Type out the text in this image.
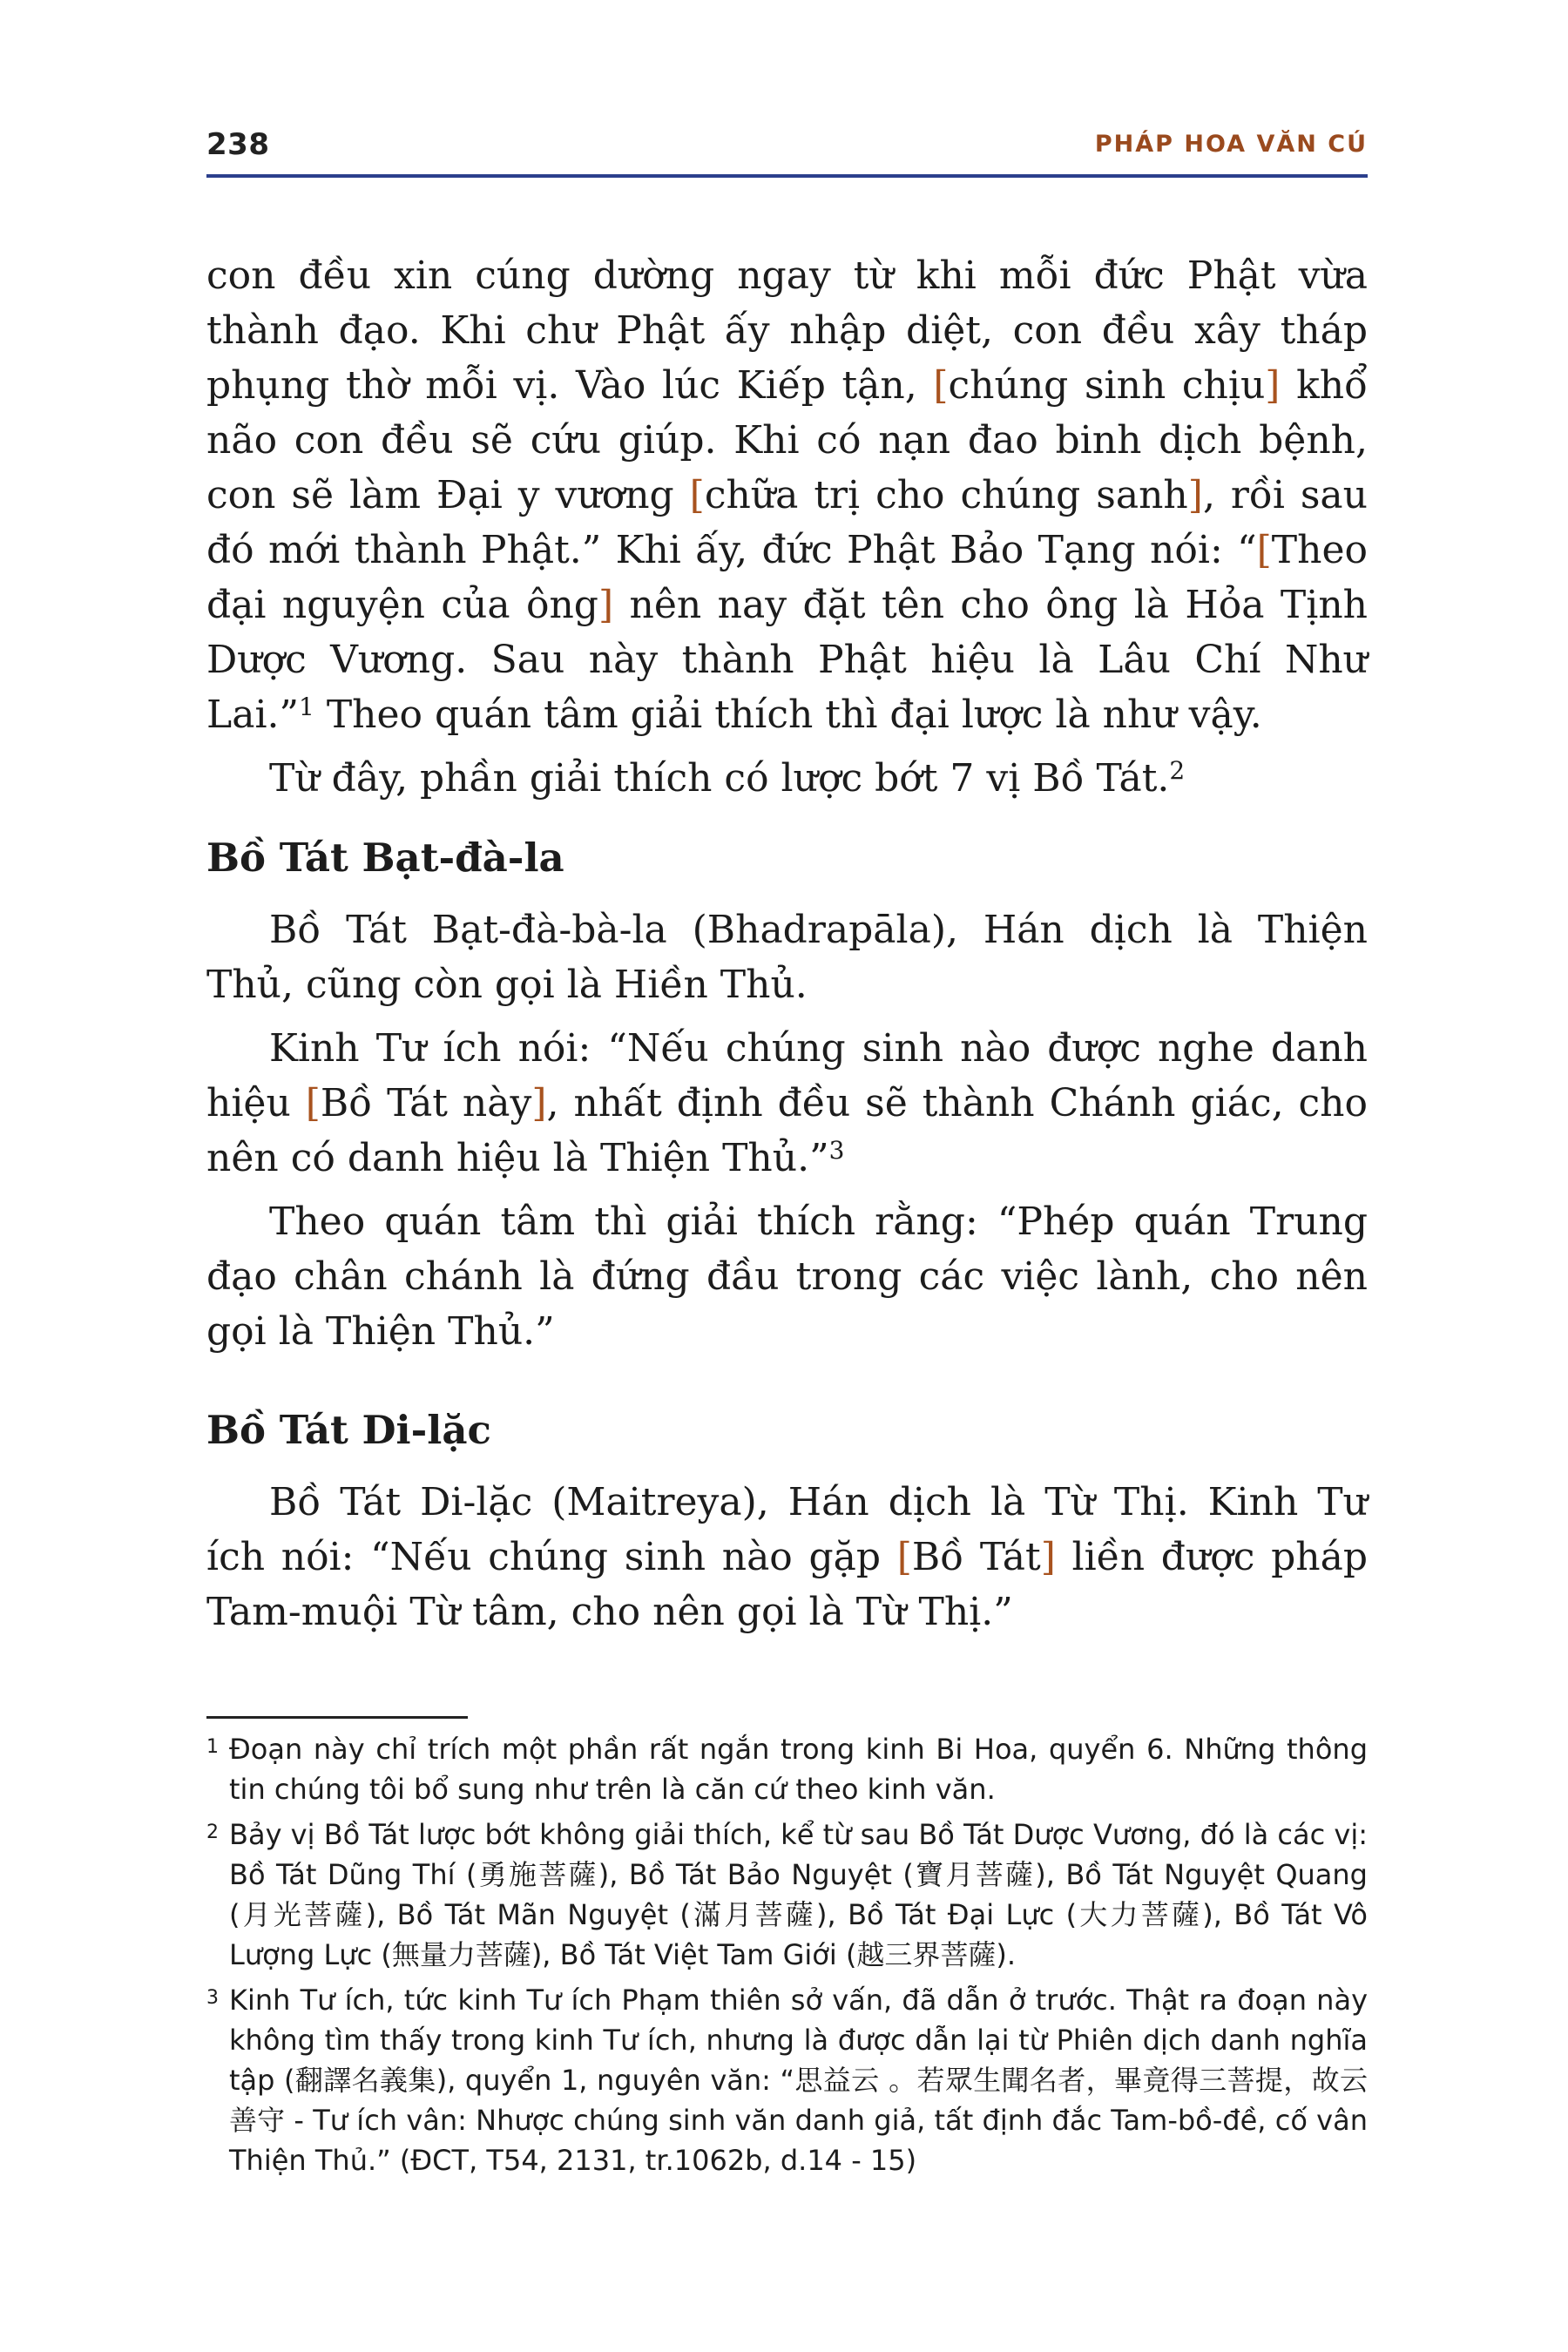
238	PHÁP HOA VĂN CÚ

con đều xin cúng dường ngay từ khi mỗi đức Phật vừa thành đạo. Khi chư Phật ấy nhập diệt, con đều xây tháp phụng thờ mỗi vị. Vào lúc Kiếp tận, [chúng sinh chịu] khổ não con đều sẽ cứu giúp. Khi có nạn đao binh dịch bệnh, con sẽ làm Đại y vương [chữa trị cho chúng sanh], rồi sau đó mới thành Phật.” Khi ấy, đức Phật Bảo Tạng nói: “[Theo đại nguyện của ông] nên nay đặt tên cho ông là Hỏa Tịnh Dược Vương. Sau này thành Phật hiệu là Lâu Chí Như Lai.”$^1$ Theo quán tâm giải thích thì đại lược là như vậy.

Từ đây, phần giải thích có lược bớt 7 vị Bồ Tát.$^2$

Bồ Tát Bạt-đà-la

Bồ Tát Bạt-đà-bà-la (Bhadrapāla), Hán dịch là Thiện Thủ, cũng còn gọi là Hiền Thủ.

Kinh Tư ích nói: “Nếu chúng sinh nào được nghe danh hiệu [Bồ Tát này], nhất định đều sẽ thành Chánh giác, cho nên có danh hiệu là Thiện Thủ.”$^3$

Theo quán tâm thì giải thích rằng: “Phép quán Trung đạo chân chánh là đứng đầu trong các việc lành, cho nên gọi là Thiện Thủ.”

Bồ Tát Di-lặc

Bồ Tát Di-lặc (Maitreya), Hán dịch là Từ Thị. Kinh Tư ích nói: “Nếu chúng sinh nào gặp [Bồ Tát] liền được pháp Tam-muội Từ tâm, cho nên gọi là Từ Thị.”

1 Đoạn này chỉ trích một phần rất ngắn trong kinh Bi Hoa, quyển 6. Những thông tin chúng tôi bổ sung như trên là căn cứ theo kinh văn.
2 Bảy vị Bồ Tát lược bớt không giải thích, kể từ sau Bồ Tát Dược Vương, đó là các vị: Bồ Tát Dũng Thí (勇施菩薩), Bồ Tát Bảo Nguyệt (寶月菩薩), Bồ Tát Nguyệt Quang (月光菩薩), Bồ Tát Mãn Nguyệt (滿月菩薩), Bồ Tát Đại Lực (大力菩薩), Bồ Tát Vô Lượng Lực (無量力菩薩), Bồ Tát Việt Tam Giới (越三界菩薩).
3 Kinh Tư ích, tức kinh Tư ích Phạm thiên sở vấn, đã dẫn ở trước. Thật ra đoạn này không tìm thấy trong kinh Tư ích, nhưng là được dẫn lại từ Phiên dịch danh nghĩa tập (翻譯名義集), quyển 1, nguyên văn: “思益云 。若眾生聞名者，畢竟得三菩提，故云善守 - Tư ích vân: Nhược chúng sinh văn danh giả, tất định đắc Tam-bồ-đề, cố vân Thiện Thủ.” (ĐCT, T54, 2131, tr.1062b, d.14 - 15)
